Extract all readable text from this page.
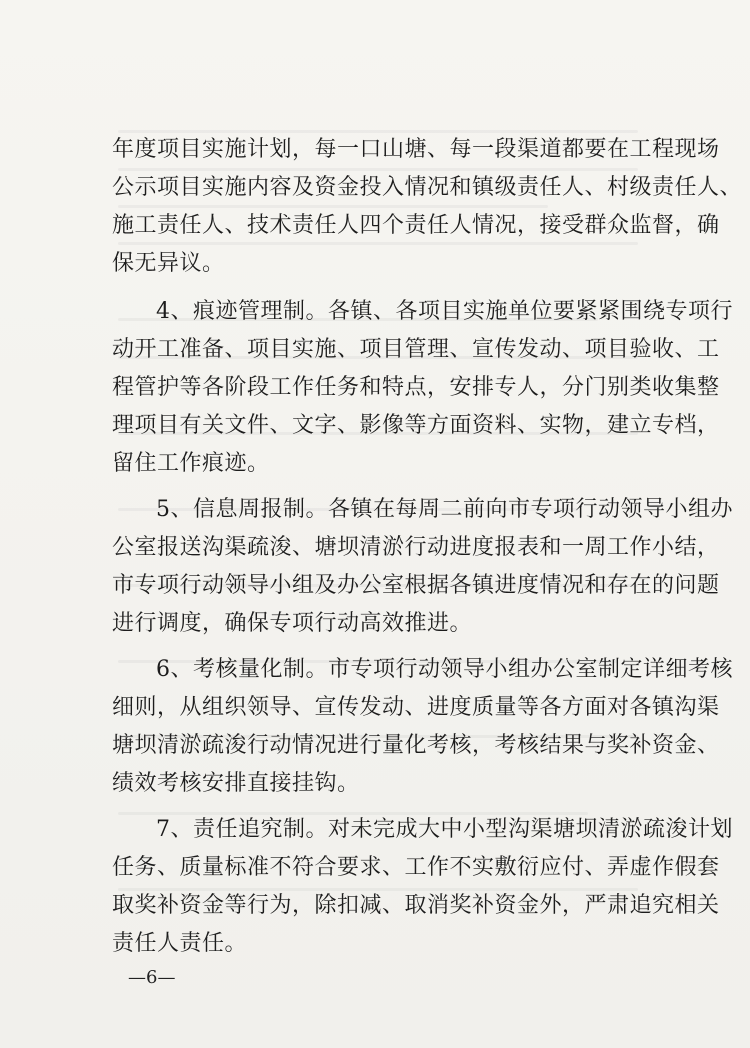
年度项目实施计划，每一口山塘、每一段渠道都要在工程现场
公示项目实施内容及资金投入情况和镇级责任人、村级责任人、
施工责任人、技术责任人四个责任人情况，接受群众监督，确
保无异议。
4、痕迹管理制。各镇、各项目实施单位要紧紧围绕专项行
动开工准备、项目实施、项目管理、宣传发动、项目验收、工
程管护等各阶段工作任务和特点，安排专人，分门别类收集整
理项目有关文件、文字、影像等方面资料、实物，建立专档，
留住工作痕迹。
5、信息周报制。各镇在每周二前向市专项行动领导小组办
公室报送沟渠疏浚、塘坝清淤行动进度报表和一周工作小结，
市专项行动领导小组及办公室根据各镇进度情况和存在的问题
进行调度，确保专项行动高效推进。
6、考核量化制。市专项行动领导小组办公室制定详细考核
细则，从组织领导、宣传发动、进度质量等各方面对各镇沟渠
塘坝清淤疏浚行动情况进行量化考核，考核结果与奖补资金、
绩效考核安排直接挂钩。
7、责任追究制。对未完成大中小型沟渠塘坝清淤疏浚计划
任务、质量标准不符合要求、工作不实敷衍应付、弄虚作假套
取奖补资金等行为，除扣减、取消奖补资金外，严肃追究相关
责任人责任。
—6—
